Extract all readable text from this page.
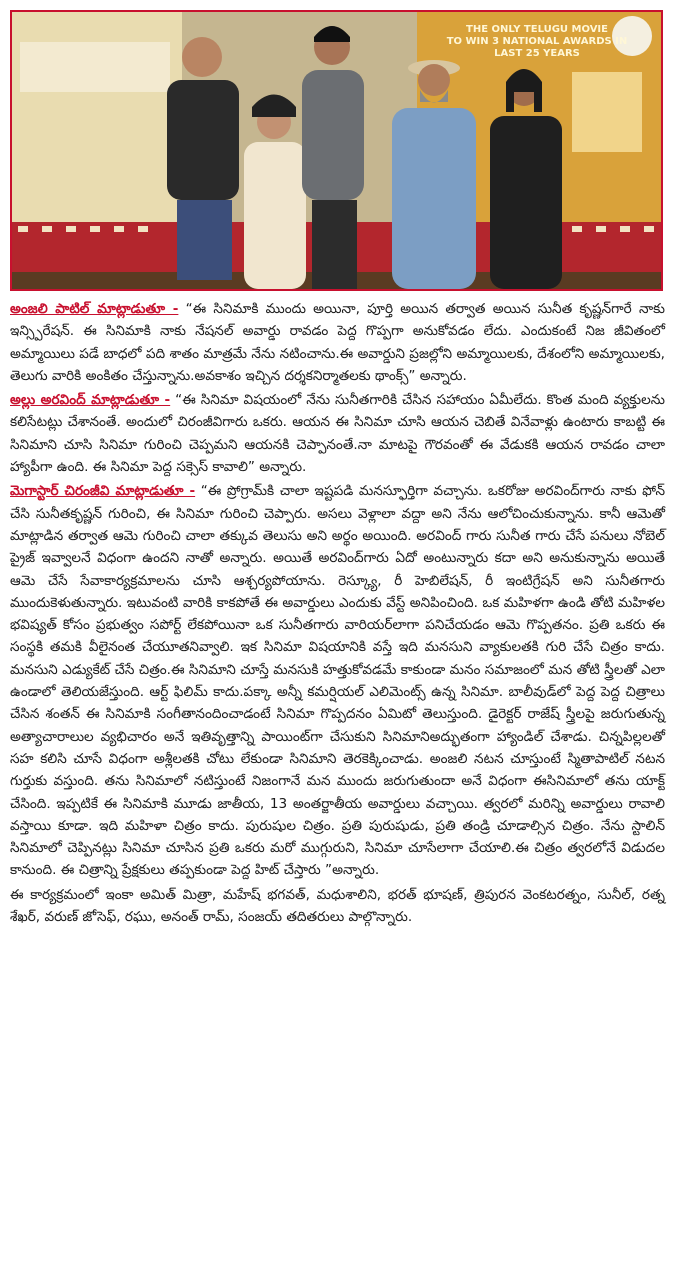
THE ONLY TELUGU MOVIE
TO WIN 3 NATIONAL AWARDS IN LAST 25 YEARS

అంజలి పాటిల్ మాట్లాడుతూ - “ఈ సినిమాకి ముందు అయినా, పూర్తి అయిన తర్వాత అయిన సునీత కృష్ణన్‌గారే నాకు ఇన్స్పిరేషన్. ఈ సినిమాకి నాకు నేషనల్ అవార్డు రావడం పెద్ద గొప్పగా అనుకోవడం లేదు. ఎందుకంటే నిజ జీవితంలో అమ్మాయిలు పడే బాధలో పది శాతం మాత్రమే నేను నటించాను.ఈ అవార్డుని ప్రజల్లోని అమ్మాయిలకు, దేశంలోని అమ్మాయిలకు, తెలుగు వారికి అంకితం చేస్తున్నాను.అవకాశం ఇచ్చిన దర్శకనిర్మాతలకు థాంక్స్” అన్నారు.

అల్లు అరవింద్ మాట్లాడుతూ - “ఈ సినిమా విషయంలో నేను సునీతగారికి చేసిన సహాయం ఏమీలేదు. కొంత మంది వ్యక్తులను కలిసేటట్లు చేశానంతే. అందులో చిరంజీవిగారు ఒకరు. ఆయన ఈ సినిమా చూసి ఆయన చెబితే వినేవాళ్లు ఉంటారు కాబట్టి ఈ సినిమాని చూసి సినిమా గురించి చెప్పమని ఆయనకి చెప్పానంతే.నా మాటపై గౌరవంతో ఈ వేడుకకి ఆయన రావడం చాలా హ్యాపీగా ఉంది. ఈ సినిమా పెద్ద సక్సెస్ కావాలి” అన్నారు.

మెగాస్టార్ చిరంజీవి మాట్లాడుతూ - “ఈ ప్రోగ్రామ్‌కి చాలా ఇష్టపడి మనస్ఫూర్తిగా వచ్చాను. ఒకరోజు అరవింద్‌గారు నాకు ఫోన్ చేసి సునీతకృష్ణన్ గురించి, ఈ సినిమా గురించి చెప్పారు. అసలు వెళ్లాలా వద్దా అని నేను ఆలోచించుకున్నాను. కానీ ఆమెతో మాట్లాడిన తర్వాత ఆమె గురించి చాలా తక్కువ తెలుసు అని అర్థం అయింది. అరవింద్ గారు సునీత గారు చేసే పనులు నోబెల్ ప్రైజ్ ఇవ్వాలనే విధంగా ఉందని నాతో అన్నారు. అయితే అరవింద్‌గారు ఏదో అంటున్నారు కదా అని అనుకున్నాను అయితే ఆమె చేసే సేవాకార్యక్రమాలను చూసి ఆశ్చర్యపోయాను. రెస్క్యూ, రీ హెబిలేషన్, రీ ఇంటిగ్రేషన్ అని సునీతగారు ముందుకెళుతున్నారు. ఇటువంటి వారికి కాకపోతే ఈ అవార్డులు ఎందుకు వేస్ట్ అనిపించింది. ఒక మహిళగా ఉండి తోటి మహిళల భవిష్యత్ కోసం ప్రభుత్వం సపోర్ట్ లేకపోయినా ఒక సునీతగారు వారియర్‌లాగా పనిచేయడం ఆమె గొప్పతనం. ప్రతి ఒకరు ఈ సంస్థకి తమకి వీలైనంత చేయూతనివ్వాలి. ఇక సినిమా విషయానికి వస్తే ఇది మనసుని వ్యాకులతకి గురి చేసే చిత్రం కాదు. మనసుని ఎడ్యుకేట్ చేసే చిత్రం.ఈ సినిమాని చూస్తే మనసుకి హత్తుకోవడమే కాకుండా మనం సమాజంలో మన తోటి స్త్రీలతో ఎలా ఉండాలో తెలియజేస్తుంది. ఆర్ట్ ఫిలిమ్ కాదు.పక్కా అన్నీ కమర్షియల్ ఎలిమెంట్స్ ఉన్న సినిమా. బాలీవుడ్‌లో పెద్ద పెద్ద చిత్రాలు చేసిన శంతన్ ఈ సినిమాకి సంగీతానందించాడంటే సినిమా గొప్పదనం ఏమిటో తెలుస్తుంది. డైరెక్టర్ రాజేష్ స్త్రీలపై జరుగుతున్న అత్యాచారాలుల వ్యభిచారం అనే ఇతివృత్తాన్ని పాయింట్‌గా చేసుకుని సినిమానిఅద్భుతంగా హ్యాండిల్ చేశాడు. చిన్నపిల్లలతో సహ కలిసి చూసే విధంగా అశ్లీలతకి చోటు లేకుండా సినిమాని తెరకెక్కించాడు. అంజలి నటన చూస్తుంటే స్మితాపాటిల్ నటన గుర్తుకు వస్తుంది. తను సినిమాలో నటిస్తుంటే నిజంగానే మన ముందు జరుగుతుందా అనే విధంగా ఈసినిమాలో తను యాక్ట్ చేసింది. ఇప్పటికే ఈ సినిమాకి మూడు జాతీయ, 13 అంతర్జాతీయ అవార్డులు వచ్చాయి. త్వరలో మరిన్ని అవార్డులు రావాలి వస్తాయి కూడా. ఇది మహిళా చిత్రం కాదు. పురుషుల చిత్రం. ప్రతి పురుషుడు, ప్రతి తండ్రి చూడాల్సిన చిత్రం. నేను స్టాలిన్ సినిమాలో చెప్పినట్లు సినిమా చూసిన ప్రతి ఒకరు మరో ముగ్గురుని, సినిమా చూసేలాగా చేయాలి.ఈ చిత్రం త్వరలోనే విడుదల కానుంది. ఈ చిత్రాన్ని ప్రేక్షకులు తప్పకుండా పెద్ద హిట్ చేస్తారు ”అన్నారు.

ఈ కార్యక్రమంలో ఇంకా అమిత్ మిత్రా, మహేష్ భగవత్, మధుశాలిని, భరత్ భూషణ్, త్రిపురన వెంకటరత్నం, సునీల్, రత్న శేఖర్, వరుణ్ జోసెఫ్, రఘు, అనంత్ రామ్, సంజయ్ తదితరులు పాల్గొన్నారు.
